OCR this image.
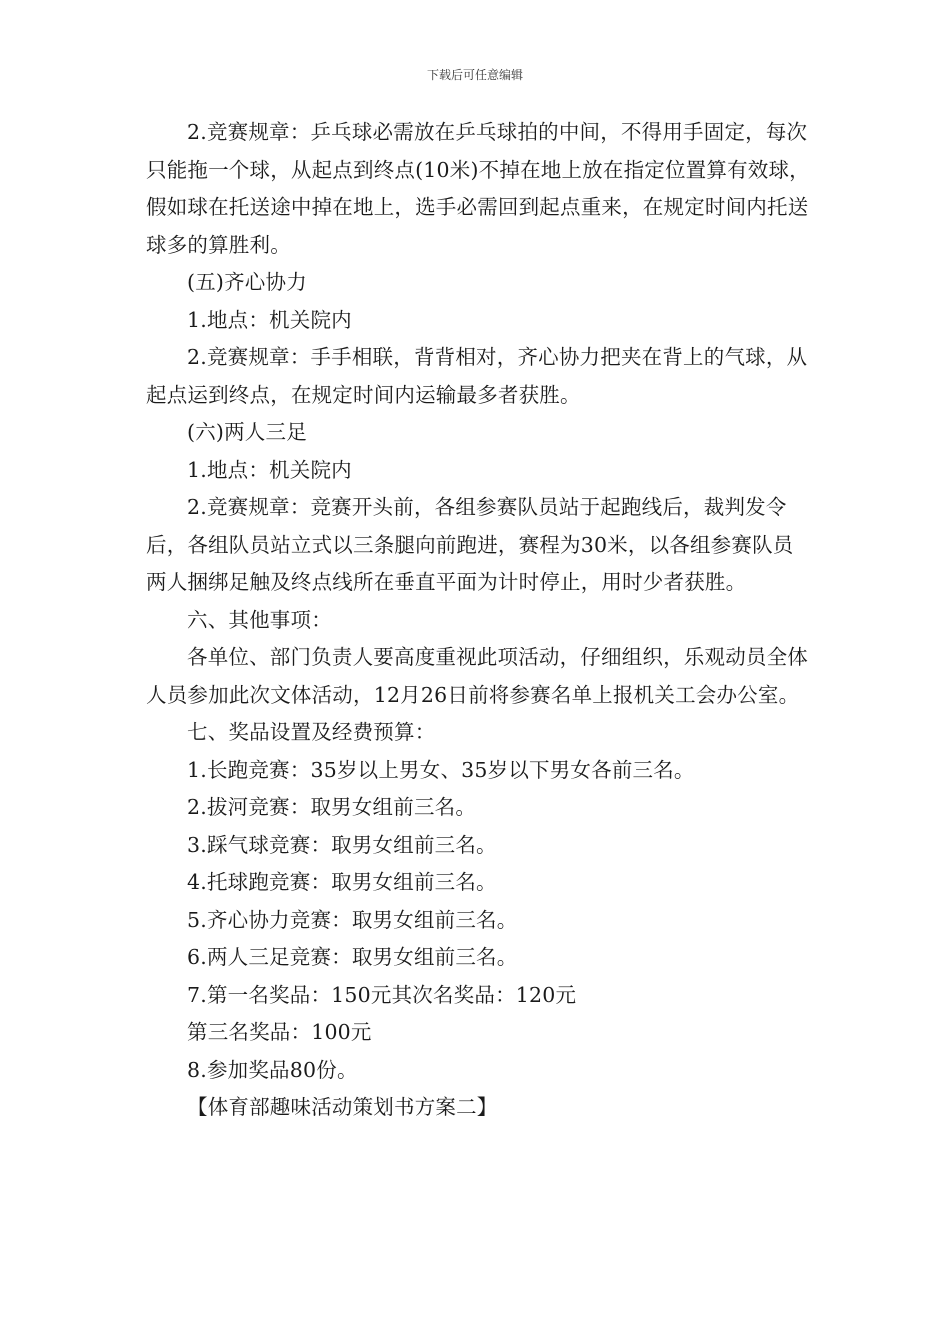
下载后可任意编辑

2.竞赛规章：乒乓球必需放在乒乓球拍的中间，不得用手固定，每次只能拖一个球，从起点到终点(10米)不掉在地上放在指定位置算有效球，假如球在托送途中掉在地上，选手必需回到起点重来，在规定时间内托送球多的算胜利。

(五)齐心协力

1.地点：机关院内

2.竞赛规章：手手相联，背背相对，齐心协力把夹在背上的气球，从起点运到终点，在规定时间内运输最多者获胜。

(六)两人三足

1.地点：机关院内

2.竞赛规章：竞赛开头前，各组参赛队员站于起跑线后，裁判发令后，各组队员站立式以三条腿向前跑进，赛程为30米，以各组参赛队员两人捆绑足触及终点线所在垂直平面为计时停止，用时少者获胜。

六、其他事项：

各单位、部门负责人要高度重视此项活动，仔细组织，乐观动员全体人员参加此次文体活动，12月26日前将参赛名单上报机关工会办公室。

七、奖品设置及经费预算：

1.长跑竞赛：35岁以上男女、35岁以下男女各前三名。

2.拔河竞赛：取男女组前三名。

3.踩气球竞赛：取男女组前三名。

4.托球跑竞赛：取男女组前三名。

5.齐心协力竞赛：取男女组前三名。

6.两人三足竞赛：取男女组前三名。

7.第一名奖品：150元其次名奖品：120元

第三名奖品：100元

8.参加奖品80份。

【体育部趣味活动策划书方案二】
